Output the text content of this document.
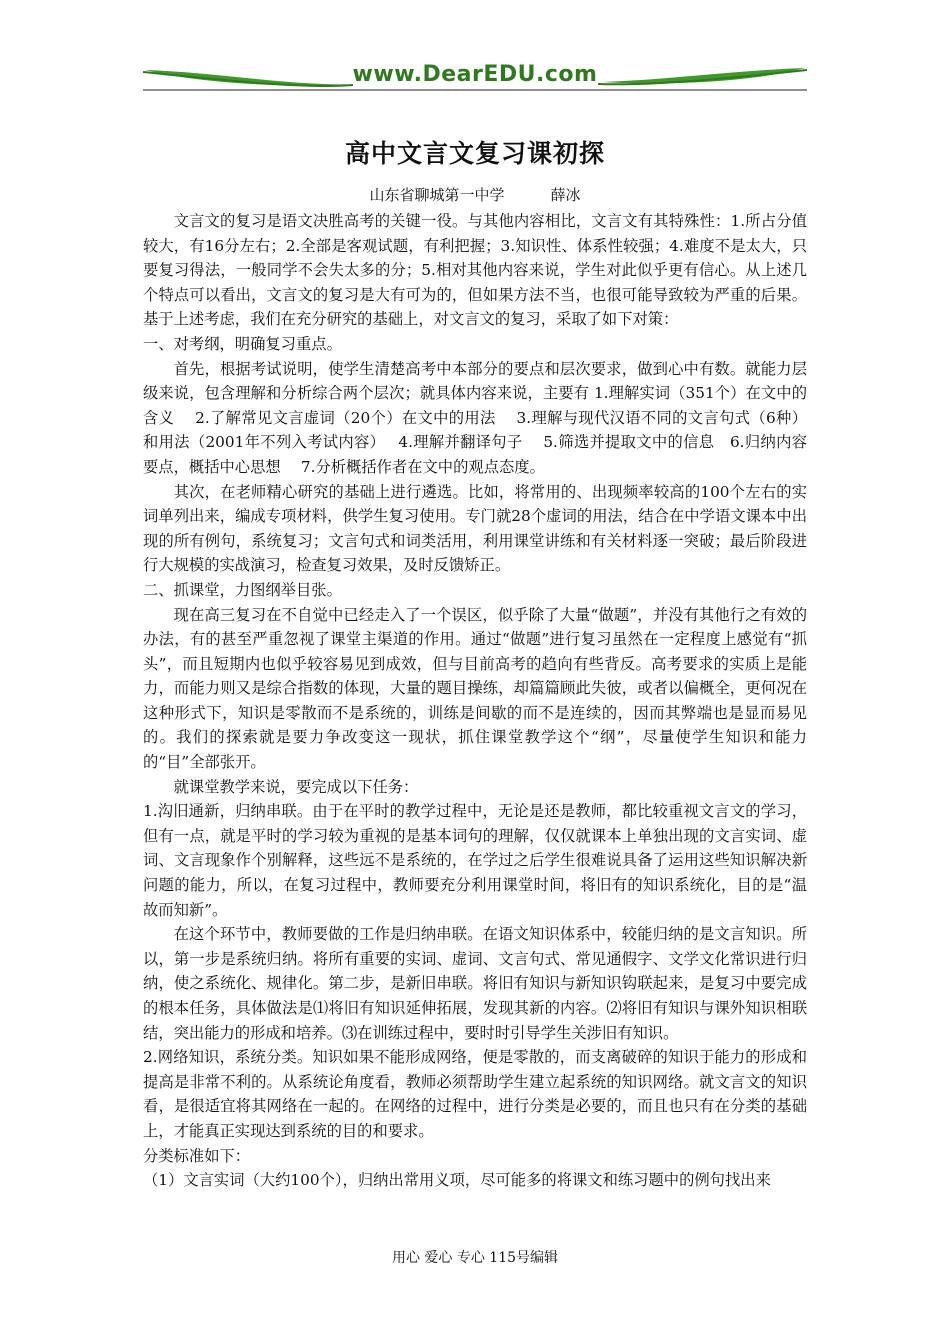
www.DearEDU.com
高中文言文复习课初探
山东省聊城第一中学	薛冰

文言文的复习是语文决胜高考的关键一役。与其他内容相比，文言文有其特殊性：1.所占分值较大，有16分左右；2.全部是客观试题，有利把握；3.知识性、体系性较强；4.难度不是太大，只要复习得法，一般同学不会失太多的分；5.相对其他内容来说，学生对此似乎更有信心。从上述几个特点可以看出，文言文的复习是大有可为的，但如果方法不当，也很可能导致较为严重的后果。基于上述考虑，我们在充分研究的基础上，对文言文的复习，采取了如下对策：

一、对考纲，明确复习重点。

首先，根据考试说明，使学生清楚高考中本部分的要点和层次要求，做到心中有数。就能力层级来说，包含理解和分析综合两个层次；就具体内容来说，主要有 1.理解实词（351个）在文中的含义　 2.了解常见文言虚词（20个）在文中的用法　 3.理解与现代汉语不同的文言句式（6种）和用法（2001年不列入考试内容）　 4.理解并翻译句子　 5.筛选并提取文中的信息　6.归纳内容要点，概括中心思想　 7.分析概括作者在文中的观点态度。

其次，在老师精心研究的基础上进行遴选。比如，将常用的、出现频率较高的100个左右的实词单列出来，编成专项材料，供学生复习使用。专门就28个虚词的用法，结合在中学语文课本中出现的所有例句，系统复习；文言句式和词类活用，利用课堂讲练和有关材料逐一突破；最后阶段进行大规模的实战演习，检查复习效果，及时反馈矫正。

二、抓课堂，力图纲举目张。

现在高三复习在不自觉中已经走入了一个误区，似乎除了大量“做题”，并没有其他行之有效的办法，有的甚至严重忽视了课堂主渠道的作用。通过“做题”进行复习虽然在一定程度上感觉有“抓头”，而且短期内也似乎较容易见到成效，但与目前高考的趋向有些背反。高考要求的实质上是能力，而能力则又是综合指数的体现，大量的题目操练，却篇篇顾此失彼，或者以偏概全，更何况在这种形式下，知识是零散而不是系统的，训练是间歇的而不是连续的，因而其弊端也是显而易见的。我们的探索就是要力争改变这一现状，抓住课堂教学这个“纲”，尽量使学生知识和能力的“目”全部张开。

就课堂教学来说，要完成以下任务：

1.沟旧通新，归纳串联。由于在平时的教学过程中，无论是还是教师，都比较重视文言文的学习，但有一点，就是平时的学习较为重视的是基本词句的理解，仅仅就课本上单独出现的文言实词、虚词、文言现象作个别解释，这些远不是系统的，在学过之后学生很难说具备了运用这些知识解决新问题的能力，所以，在复习过程中，教师要充分利用课堂时间，将旧有的知识系统化，目的是“温故而知新”。

在这个环节中，教师要做的工作是归纳串联。在语文知识体系中，较能归纳的是文言知识。所以，第一步是系统归纳。将所有重要的实词、虚词、文言句式、常见通假字、文学文化常识进行归纳，使之系统化、规律化。第二步，是新旧串联。将旧有知识与新知识钩联起来，是复习中要完成的根本任务，具体做法是⑴将旧有知识延伸拓展，发现其新的内容。⑵将旧有知识与课外知识相联结，突出能力的形成和培养。⑶在训练过程中，要时时引导学生关涉旧有知识。

2.网络知识，系统分类。知识如果不能形成网络，便是零散的，而支离破碎的知识于能力的形成和提高是非常不利的。从系统论角度看，教师必须帮助学生建立起系统的知识网络。就文言文的知识看，是很适宜将其网络在一起的。在网络的过程中，进行分类是必要的，而且也只有在分类的基础上，才能真正实现达到系统的目的和要求。

分类标准如下：

（1）文言实词（大约100个），归纳出常用义项，尽可能多的将课文和练习题中的例句找出来

用心 爱心 专心 115号编辑
